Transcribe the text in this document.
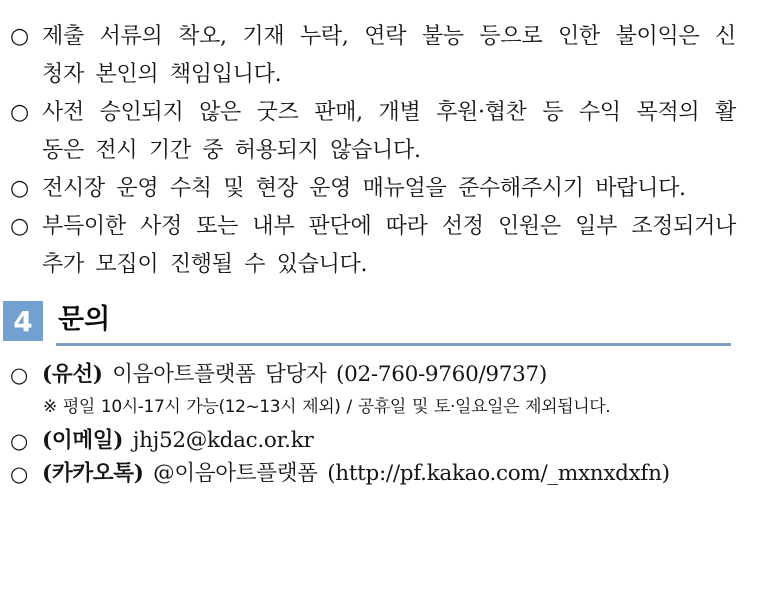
○ 제출 서류의 착오, 기재 누락, 연락 불능 등으로 인한 불이익은 신
청자 본인의 책임입니다.
○ 사전 승인되지 않은 굿즈 판매, 개별 후원·협찬 등 수익 목적의 활
동은 전시 기간 중 허용되지 않습니다.
○ 전시장 운영 수칙 및 현장 운영 매뉴얼을 준수해주시기 바랍니다.
○ 부득이한 사정 또는 내부 판단에 따라 선정 인원은 일부 조정되거나
추가 모집이 진행될 수 있습니다.
4 문의
○ (유선) 이음아트플랫폼 담당자 (02-760-9760/9737)
※ 평일 10시-17시 가능(12~13시 제외) / 공휴일 및 토·일요일은 제외됩니다.
○ (이메일) jhj52@kdac.or.kr
○ (카카오톡) @이음아트플랫폼 (http://pf.kakao.com/_mxnxdxfn)
